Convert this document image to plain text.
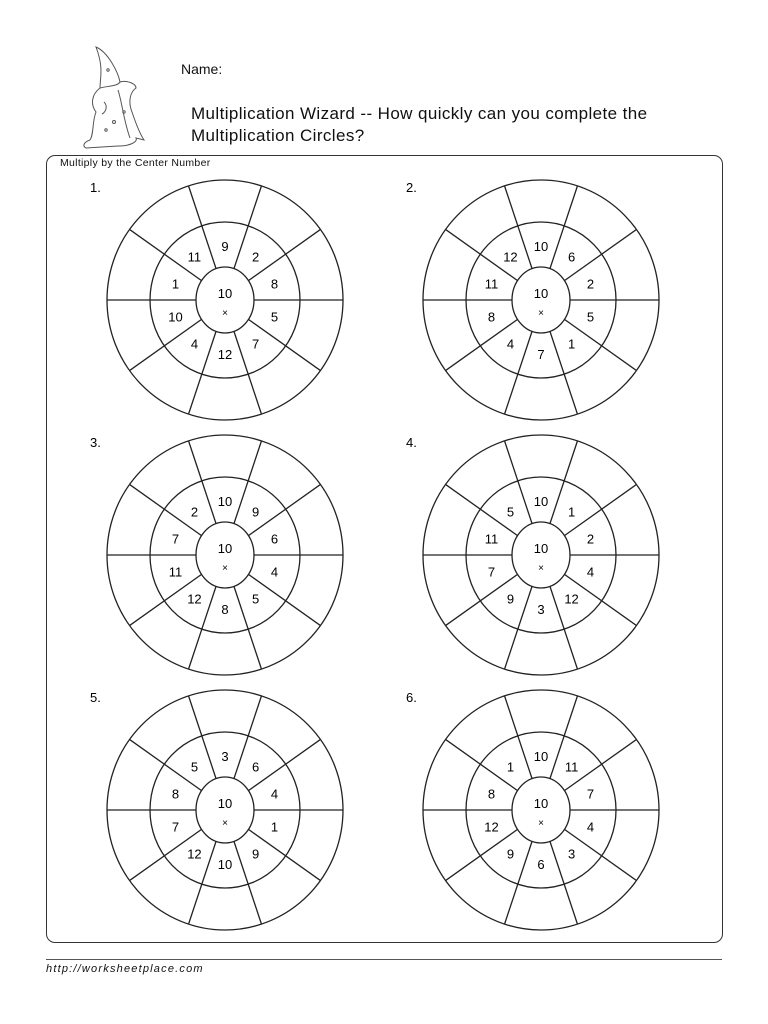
Name:
Multiplication Wizard -- How quickly can you complete the
Multiplication Circles?
Multiply by the Center Number
1.
9
2
8
5
7
12
4
10
1
11
10
×
2.
10
6
2
5
1
7
4
8
11
12
10
×
3.
10
9
6
4
5
8
12
11
7
2
10
×
4.
10
1
2
4
12
3
9
7
11
5
10
×
5.
3
6
4
1
9
10
12
7
8
5
10
×
6.
10
11
7
4
3
6
9
12
8
1
10
×
http://worksheetplace.com
